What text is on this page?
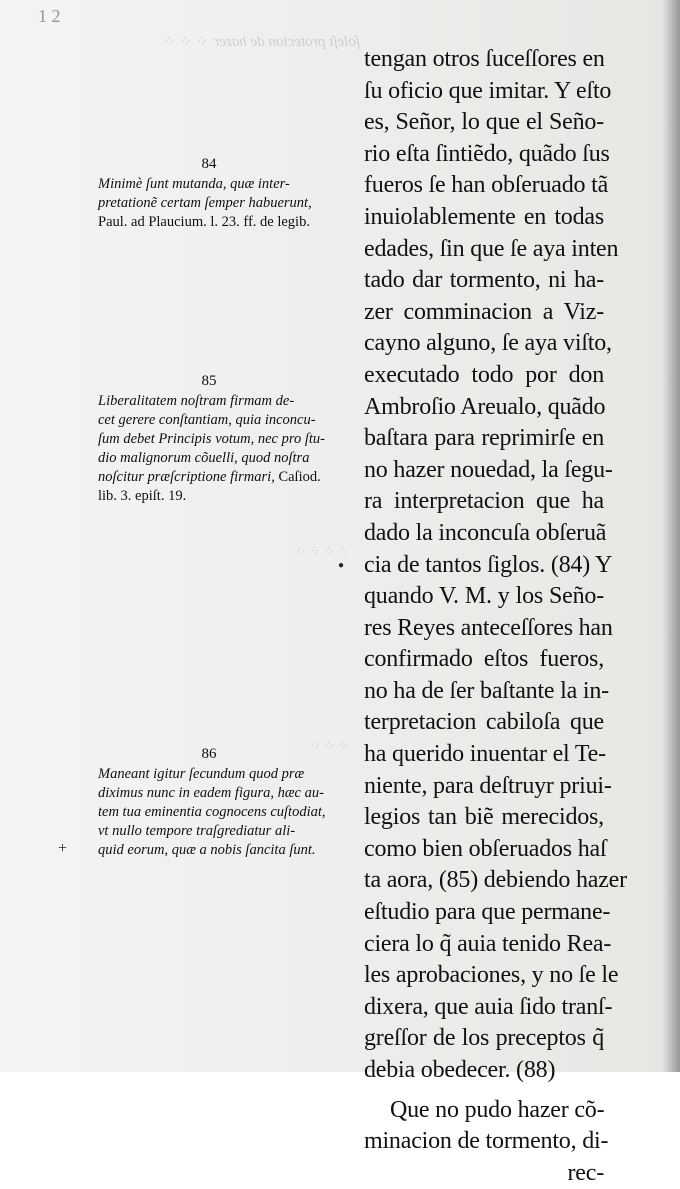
ſoleſt protecion de hazer ⁘ ⁘ ⁘
⁘ ⁘ ⁘ ⁘
⁘ ⁘ ⁘
1 2
84
Minimè ſunt mutanda, quæ inter-
pretationẽ certam ſemper habuerunt,
Paul. ad Plaucium. l. 23. ff. de legib.
85
Liberalitatem noſtram firmam de-
cet gerere conſtantiam, quia inconcu-
ſum debet Principis votum, nec pro ſtu-
dio malignorum cõuelli, quod noſtra
noſcitur præſcriptione firmari, Caſiod.
lib. 3. epiſt. 19.
86
Maneant igitur ſecundum quod præ
diximus nunc in eadem figura, hæc au-
tem tua eminentia cognocens cuſtodiat,
vt nullo tempore traſgrediatur ali-
quid eorum, quæ a nobis ſancita ſunt.
+
●
tengan otros ſuceſſores en
ſu oficio que imitar. Y eſto
es, Señor, lo que el Seño-
rio eſta ſintiẽdo, quãdo ſus
fueros ſe han obſeruado tã
inuiolablemente en todas
edades, ſin que ſe aya inten
tado dar tormento, ni ha-
zer comminacion a Viz-
cayno alguno, ſe aya viſto,
executado todo por don
Ambroſio Areualo, quãdo
baſtara para reprimirſe en
no hazer nouedad, la ſegu-
ra interpretacion que ha
dado la inconcuſa obſeruã
cia de tantos ſiglos. (84) Y
quando V. M. y los Seño-
res Reyes anteceſſores han
confirmado eſtos fueros,
no ha de ſer baſtante la in-
terpretacion cabiloſa que
ha querido inuentar el Te-
niente, para deſtruyr priui-
legios tan biẽ merecidos,
como bien obſeruados haſ
ta aora, (85) debiendo hazer
eſtudio para que permane-
ciera lo q̃ auia tenido Rea-
les aprobaciones, y no ſe le
dixera, que auia ſido tranſ-
greſſor de los preceptos q̃
debia obedecer. (88)
Que no pudo hazer cõ-
minacion de tormento, di-
rec-
